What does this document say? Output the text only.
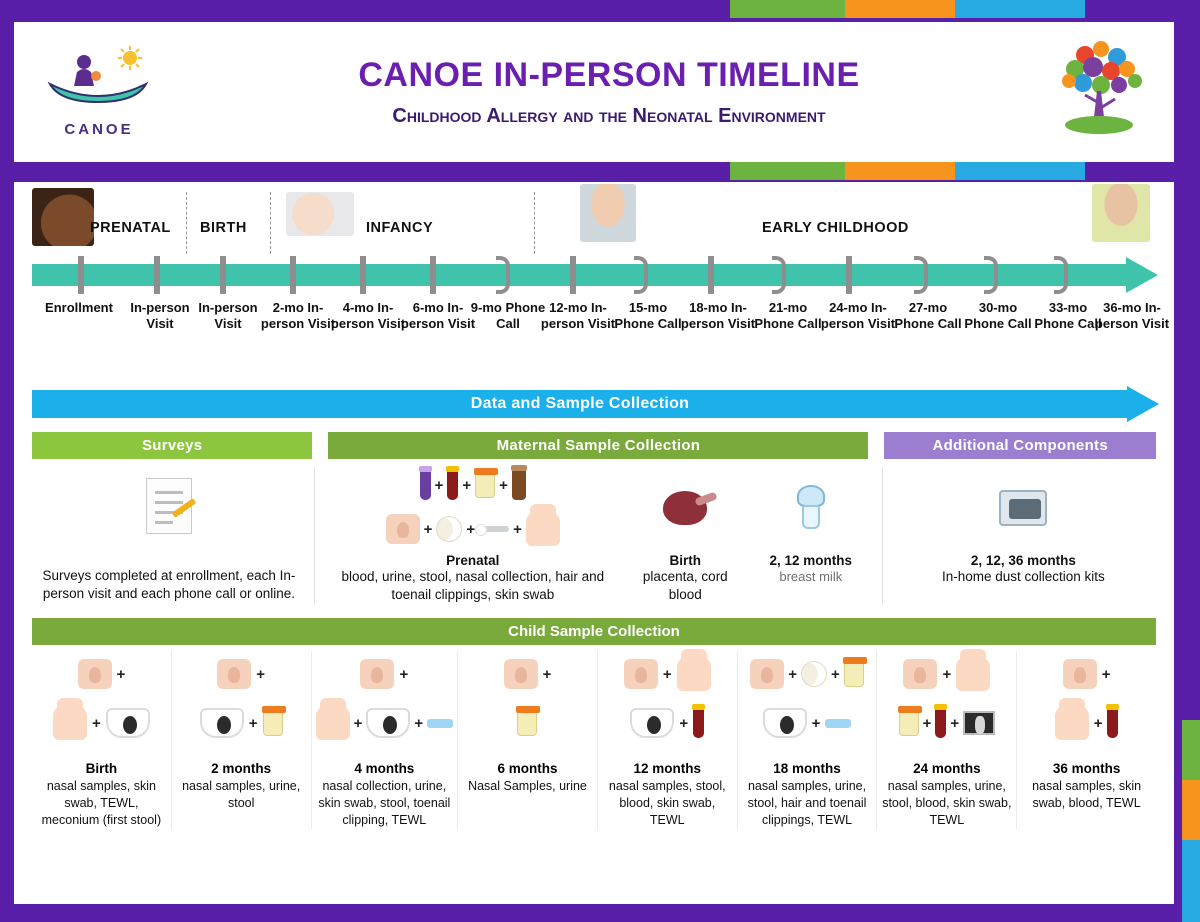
CANOE
CANOE IN-PERSON TIMELINE
Childhood Allergy and the Neonatal Environment
PRENATAL BIRTH	INFANCY	EARLY CHILDHOOD
Enrollment	In-person Visit
In-person Visit
2-mo In-person Visit
4-mo In-person Visit
6-mo In-person Visit
9-mo Phone Call
12-mo In-person Visit
15-mo Phone Call
18-mo In-person Visit
21-mo Phone Call
24-mo In-person Visit
27-mo Phone Call
30-mo Phone Call
33-mo Phone Call
36-mo In-person Visit
Data and Sample Collection
Surveys	Maternal Sample Collection	Additional Components
Surveys completed at enrollment, each In-person visit and each phone call or online.
+ + +
+ +	+
Prenatal
blood, urine, stool, nasal collection, hair and toenail clippings, skin swab
Birth
placenta, cord blood
2, 12 months
breast milk
2, 12, 36 months
In-home dust collection kits
Child Sample Collection
+
+
Birth
nasal samples, skin swab, TEWL, meconium (first stool)
+
+
2 months
nasal samples, urine, stool
+
+	+
4 months
nasal collection, urine, skin swab, stool, toenail clipping, TEWL
+
6 months
Nasal Samples, urine
+
+
12 months
nasal samples, stool, blood, skin swab, TEWL
+ +
+
18 months
nasal samples, urine, stool, hair and toenail clippings, TEWL
+
+ +
24 months
nasal samples, urine, stool, blood, skin swab, TEWL
+
+
36 months
nasal samples, skin swab, blood, TEWL
